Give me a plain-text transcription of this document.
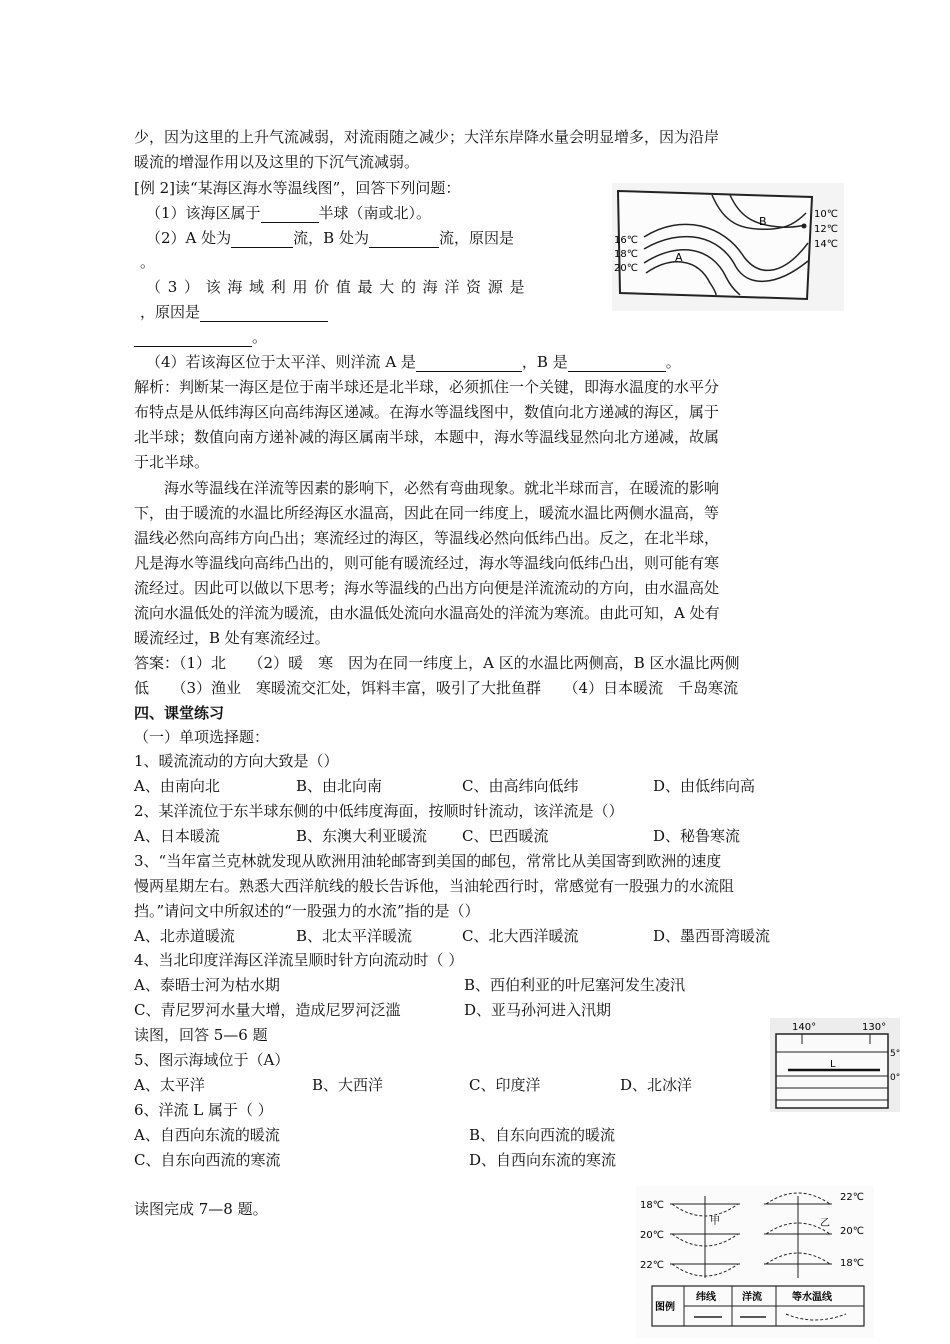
少，因为这里的上升气流减弱，对流雨随之减少；大洋东岸降水量会明显增多，因为沿岸
暖流的增湿作用以及这里的下沉气流减弱。
[例 2]读“某海区海水等温线图”，回答下列问题：
（1）该海区属于	半球（南或北）。
（2）A 处为	流，B 处为	流，原因是
。
（3）该海域利用价值最大的海洋资源是
，原因是
。
（4）若该海区位于太平洋、则洋流 A 是	，B 是	。
解析：判断某一海区是位于南半球还是北半球，必须抓住一个关键，即海水温度的水平分
布特点是从低纬海区向高纬海区递减。在海水等温线图中，数值向北方递减的海区，属于
北半球；数值向南方递补减的海区属南半球，本题中，海水等温线显然向北方递减，故属
于北半球。
海水等温线在洋流等因素的影响下，必然有弯曲现象。就北半球而言，在暖流的影响
下，由于暖流的水温比所经海区水温高，因此在同一纬度上，暖流水温比两侧水温高，等
温线必然向高纬方向凸出；寒流经过的海区，等温线必然向低纬凸出。反之，在北半球，
凡是海水等温线向高纬凸出的，则可能有暖流经过，海水等温线向低纬凸出，则可能有寒
流经过。因此可以做以下思考；海水等温线的凸出方向便是洋流流动的方向，由水温高处
流向水温低处的洋流为暖流，由水温低处流向水温高处的洋流为寒流。由此可知，A 处有
暖流经过，B 处有寒流经过。
答案：（1）北　　（2）暖　寒　因为在同一纬度上，A 区的水温比两侧高，B 区水温比两侧
低　　（3）渔业　寒暖流交汇处，饵料丰富，吸引了大批鱼群　　（4）日本暖流　千岛寒流
四、课堂练习
（一）单项选择题：
1、暖流流动的方向大致是（）
A、由南向北	B、由北向南	C、由高纬向低纬	D、由低纬向高
2、某洋流位于东半球东侧的中低纬度海面，按顺时针流动，该洋流是（）
A、日本暖流	B、东澳大利亚暖流 C、巴西暖流	D、秘鲁寒流
3、“当年富兰克林就发现从欧洲用油轮邮寄到美国的邮包，常常比从美国寄到欧洲的速度
慢两星期左右。熟悉大西洋航线的般长告诉他，当油轮西行时，常感觉有一股强力的水流阻
挡。”请问文中所叙述的“一股强力的水流”指的是（）
A、北赤道暖流	B、北太平洋暖流	C、北大西洋暖流	D、墨西哥湾暖流
4、当北印度洋海区洋流呈顺时针方向流动时（ ）
A、泰晤士河为枯水期	B、西伯利亚的叶尼塞河发生凌汛
C、青尼罗河水量大增，造成尼罗河泛滥	D、亚马孙河进入汛期
读图，回答 5—6 题
5、图示海域位于（A）
A、太平洋	B、大西洋	C、印度洋	D、北冰洋
6、洋流 L 属于（ ）
A、自西向东流的暖流	B、自东向西流的暖流
C、自东向西流的寒流	D、自西向东流的寒流
读图完成 7—8 题。
B
A
10℃
12℃
14℃
16℃
18℃
20℃
140°	130°
5°
0°
L
18℃
20℃
22℃
22℃
20℃
18℃
甲	乙
图例
纬线	洋流	等水温线
